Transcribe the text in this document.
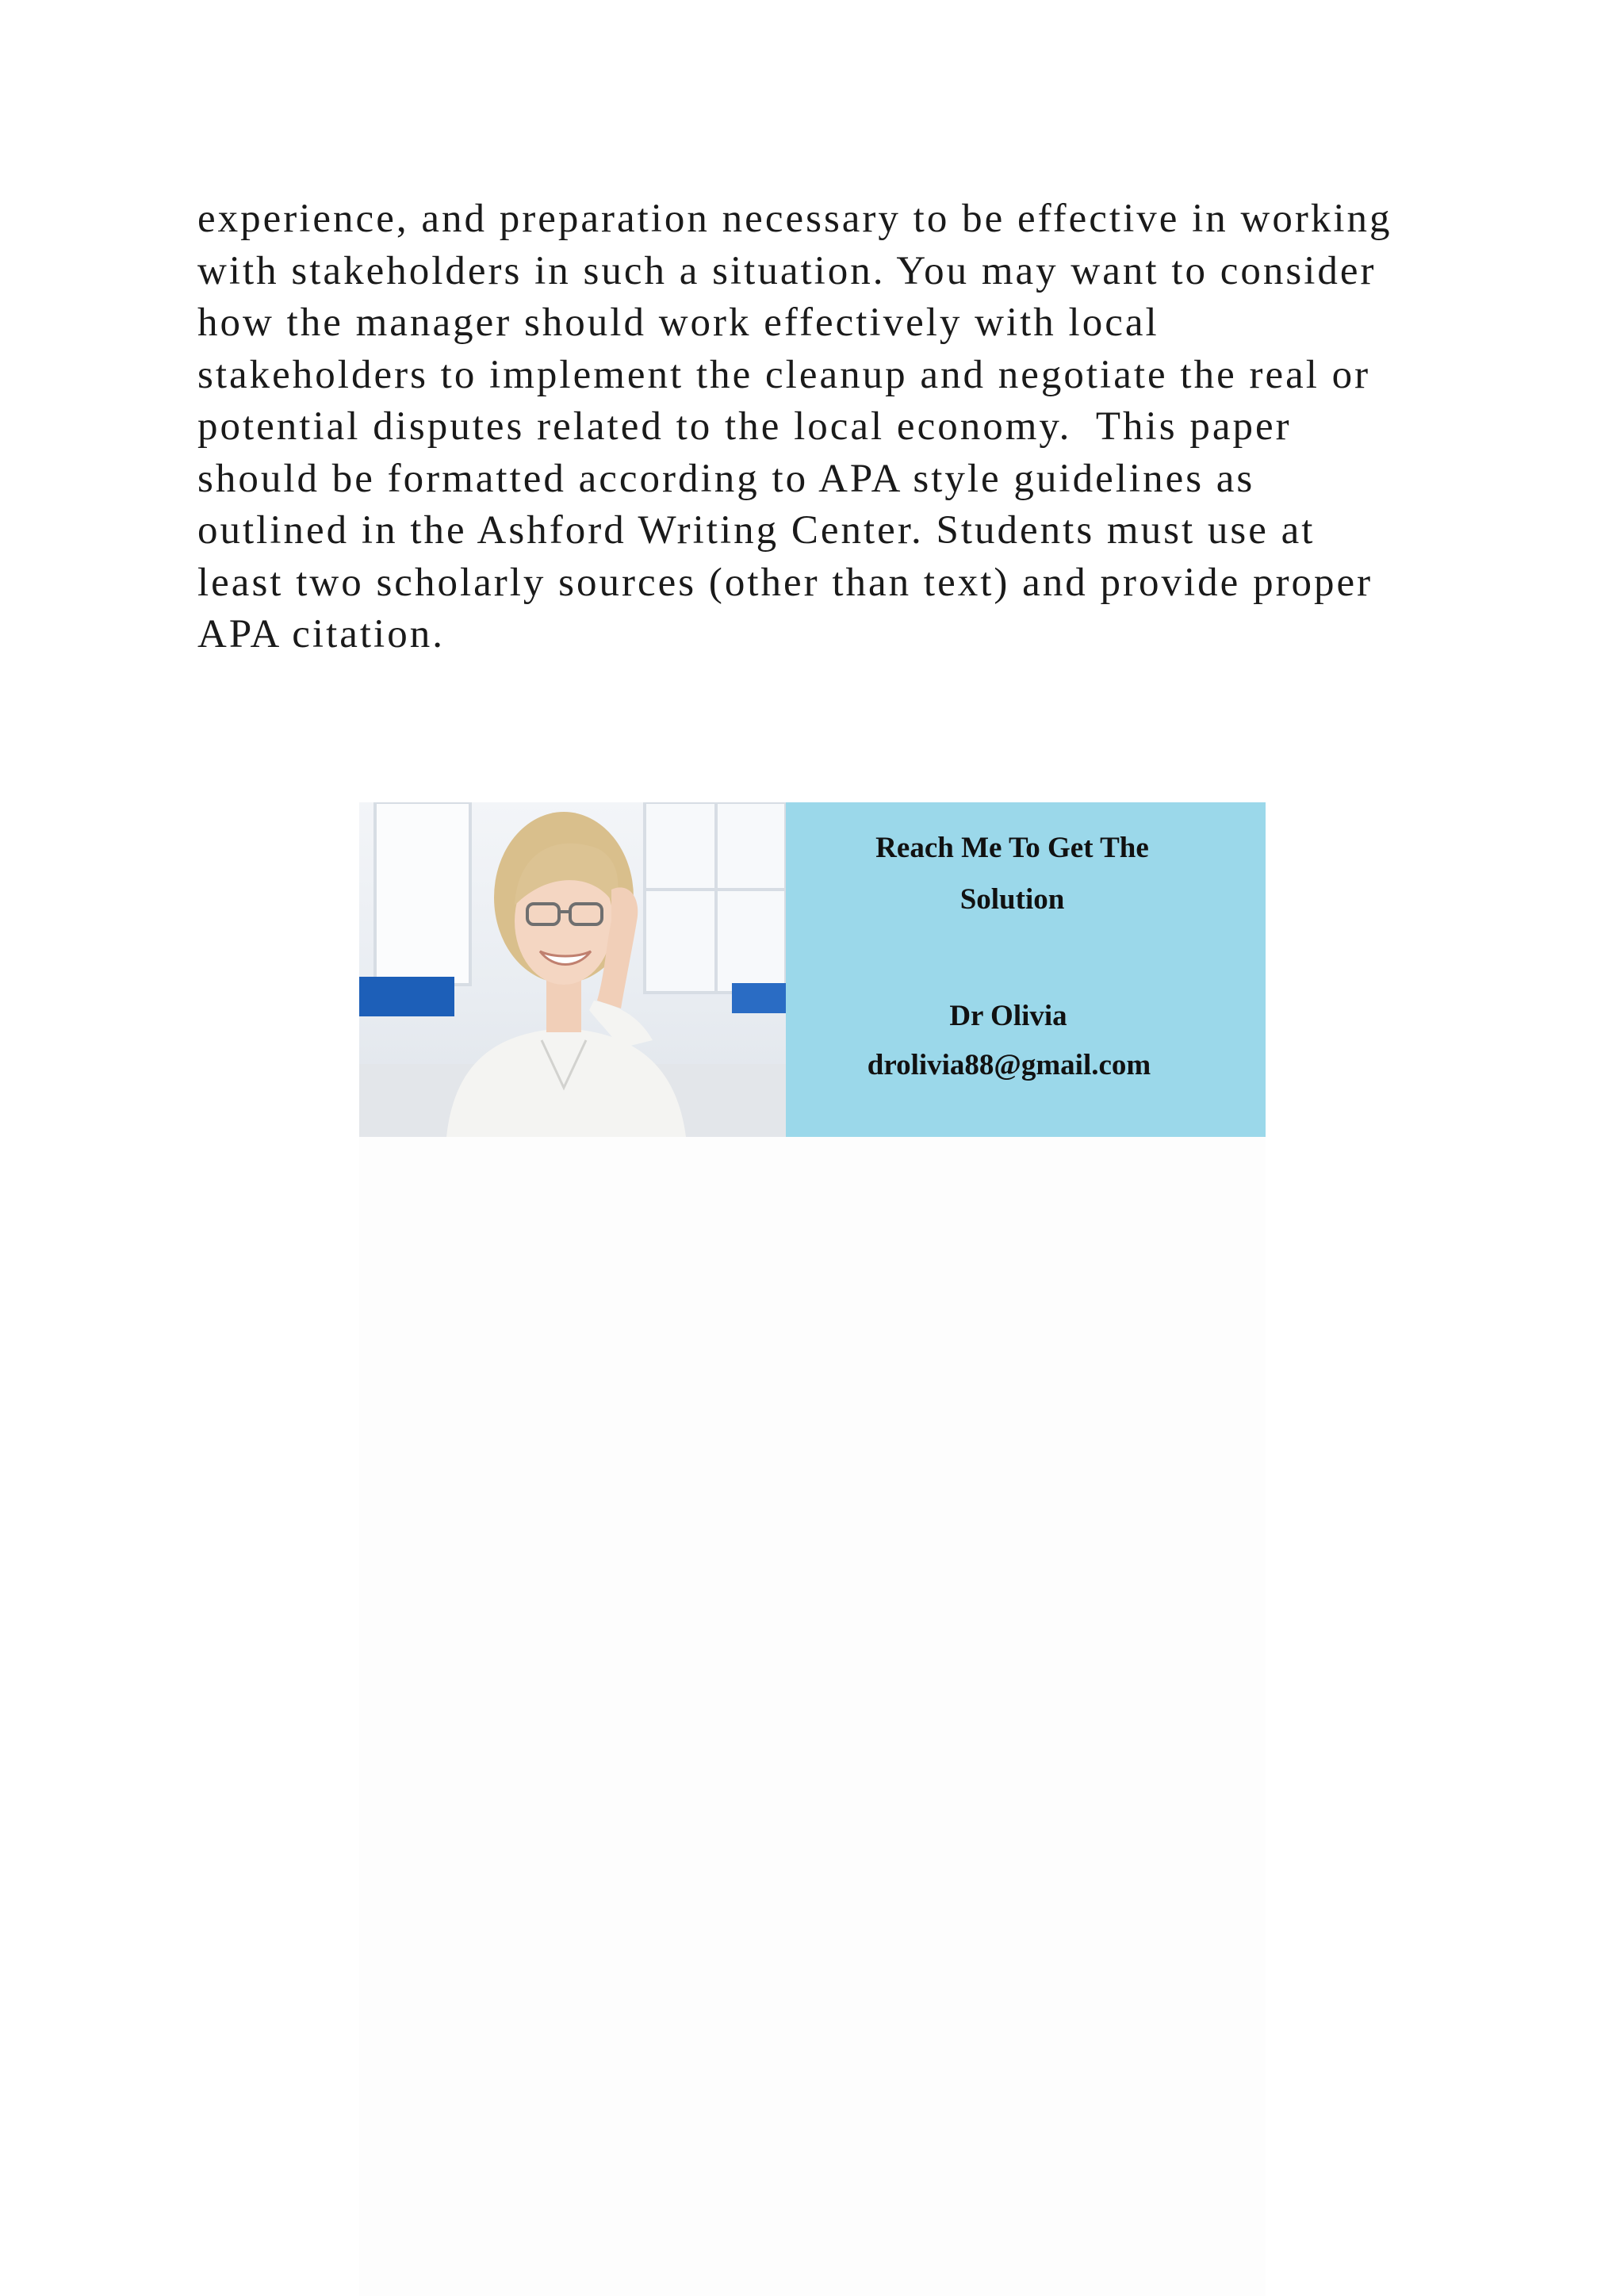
experience, and preparation necessary to be effective in working
with stakeholders in such a situation. You may want to consider
how the manager should work effectively with local
stakeholders to implement the cleanup and negotiate the real or
potential disputes related to the local economy.  This paper
should be formatted according to APA style guidelines as
outlined in the Ashford Writing Center. Students must use at
least two scholarly sources (other than text) and provide proper
APA citation.

Reach Me To Get The
Solution
Dr Olivia
drolivia88@gmail.com
